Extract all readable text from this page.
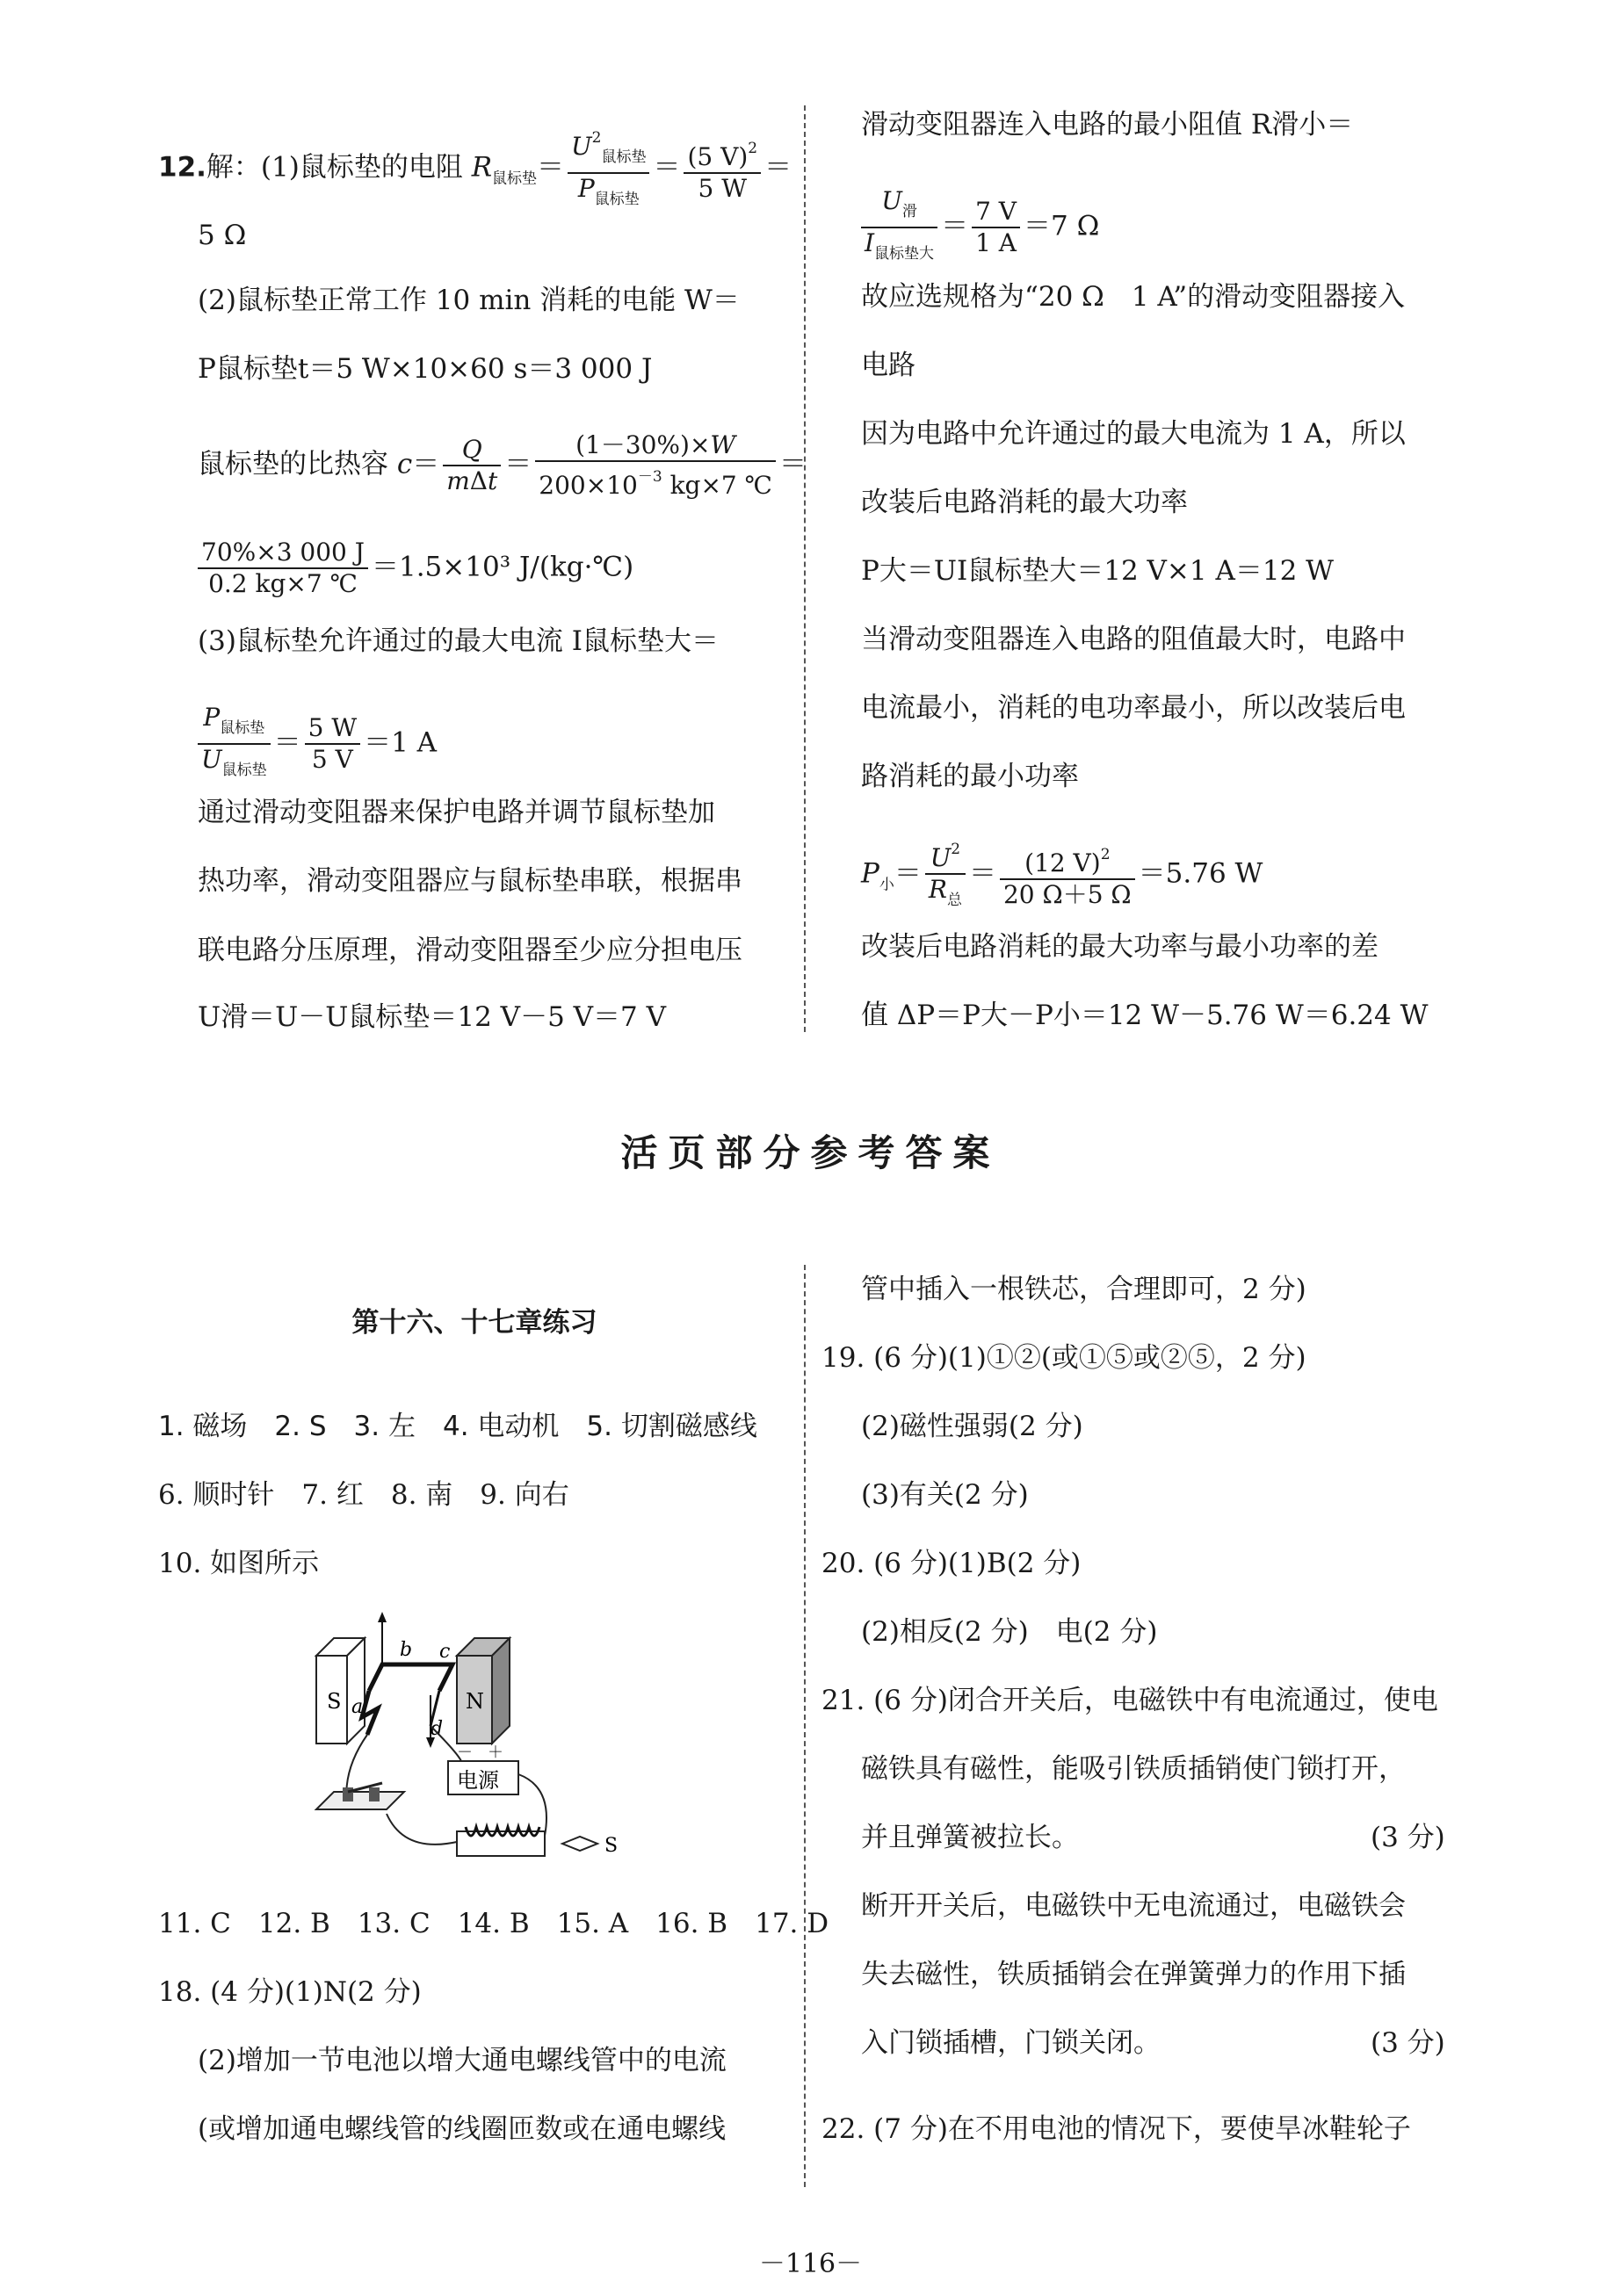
12.解：(1)鼠标垫的电阻 $R_{鼠标垫}= \frac{U^2_{鼠标垫}}{P_{鼠标垫}} = \frac{(5 V)^2}{5 W}$ ＝
5 Ω
(2)鼠标垫正常工作 10 min 消耗的电能 W＝
P鼠标垫t＝5 W×10×60 s＝3 000 J
鼠标垫的比热容 $c= \frac{Q}{\text{mΔt}} = \frac{(1-30\%)\times W}{200\times 10^{-3} kg\times 7 ℃}$ ＝
$\frac{70\%\times 3 000 J}{0.2 kg\times 7 ℃} =1.5\times 10^3$ J/(kg·℃)
(3)鼠标垫允许通过的最大电流 I鼠标垫大＝
$\frac{P_{鼠标垫}}{U_{鼠标垫}} = \frac{5 W}{5 V} =1$ A
通过滑动变阻器来保护电路并调节鼠标垫加
热功率，滑动变阻器应与鼠标垫串联，根据串
联电路分压原理，滑动变阻器至少应分担电压
U滑＝U－U鼠标垫＝12 V－5 V＝7 V
滑动变阻器连入电路的最小阻值 R滑小＝
$\frac{U_滑}{I_{鼠标垫大}} = \frac{7 V}{1 A} =7$ Ω
故应选规格为“20 Ω　1 A”的滑动变阻器接入
电路
因为电路中允许通过的最大电流为 1 A，所以
改装后电路消耗的最大功率
P大＝UI鼠标垫大＝12 V×1 A＝12 W
当滑动变阻器连入电路的阻值最大时，电路中
电流最小，消耗的电功率最小，所以改装后电
路消耗的最小功率
$P_小= \frac{U^2}{R_总} = \frac{(12 V)^2}{20 \Omega+5 \Omega} =5.76$ W
改装后电路消耗的最大功率与最小功率的差
值 ΔP＝P大－P小＝12 W－5.76 W＝6.24 W
活页部分参考答案
第十六、十七章练习
1. 磁场　2. S　3. 左　4. 电动机　5. 切割磁感线
6. 顺时针　7. 红　8. 南　9. 向右
10. 如图所示
S	N
a
b c
d
电源
－ ＋
S
11. C　12. B　13. C　14. B　15. A　16. B　17. D
18. (4 分)(1)N(2 分)
(2)增加一节电池以增大通电螺线管中的电流
(或增加通电螺线管的线圈匝数或在通电螺线
管中插入一根铁芯，合理即可，2 分)
19. (6 分)(1)①②(或①⑤或②⑤，2 分)
(2)磁性强弱(2 分)
(3)有关(2 分)
20. (6 分)(1)B(2 分)
(2)相反(2 分)　电(2 分)
21. (6 分)闭合开关后，电磁铁中有电流通过，使电
磁铁具有磁性，能吸引铁质插销使门锁打开，
并且弹簧被拉长。	(3 分)
断开开关后，电磁铁中无电流通过，电磁铁会
失去磁性，铁质插销会在弹簧弹力的作用下插
入门锁插槽，门锁关闭。	(3 分)
22. (7 分)在不用电池的情况下，要使旱冰鞋轮子
－116－
